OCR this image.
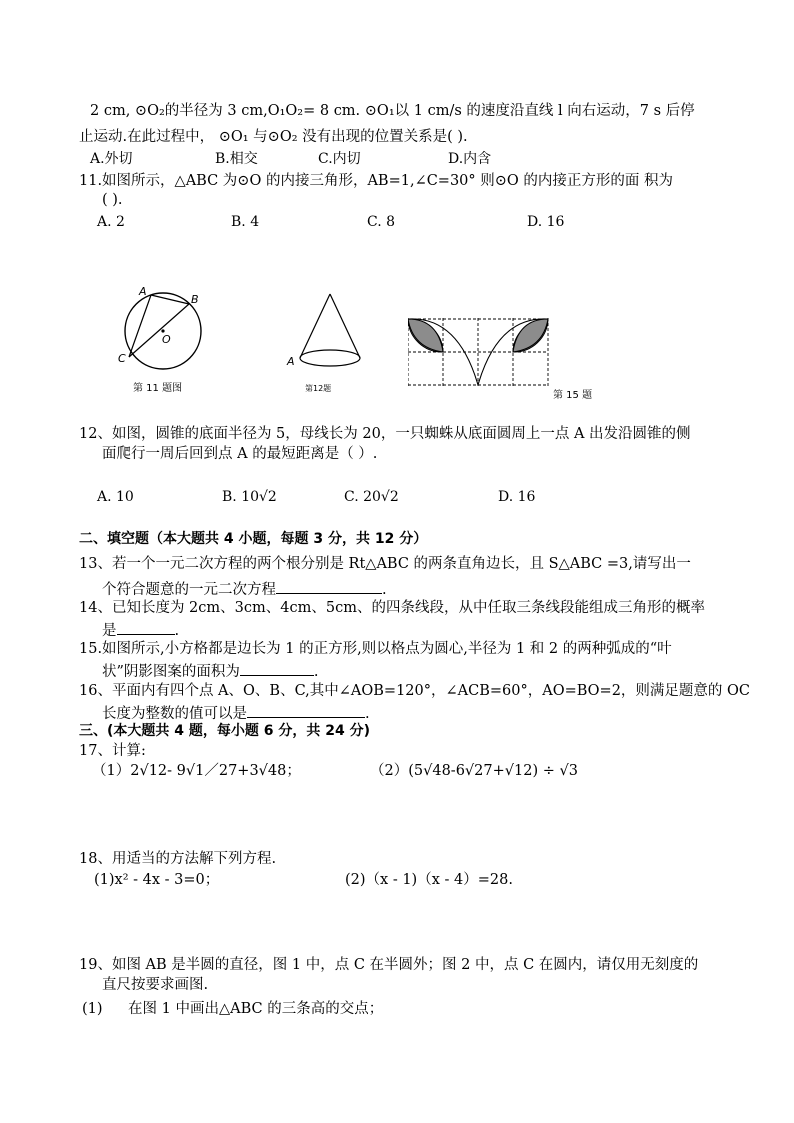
2 cm, ⊙O₂的半径为 3 cm,O₁O₂= 8 cm. ⊙O₁以 1 cm/s 的速度沿直线 l 向右运动，7 s 后停
止运动.在此过程中， ⊙O₁ 与⊙O₂ 没有出现的位置关系是( ).
A.外切	B.相交	C.内切	D.内含
11.如图所示，△ABC 为⊙O 的内接三角形，AB=1,∠C=30° 则⊙O 的内接正方形的面 积为
( ).
A. 2	B. 4	C. 8	D. 16
A
B
C
O
第 11 题图
A
第12题
第 15 题
12、如图，圆锥的底面半径为 5，母线长为 20，一只蜘蛛从底面圆周上一点 A 出发沿圆锥的侧
面爬行一周后回到点 A 的最短距离是（ ）.
A. 10	B. 10√2	C. 20√2	D. 16
二、填空题（本大题共 4 小题，每题 3 分，共 12 分）
13、若一个一元二次方程的两个根分别是 Rt△ABC 的两条直角边长，且 S△ABC =3,请写出一
个符合题意的一元二次方程	.
14、已知长度为 2cm、3cm、4cm、5cm、的四条线段，从中任取三条线段能组成三角形的概率
是	.
15.如图所示,小方格都是边长为 1 的正方形,则以格点为圆心,半径为 1 和 2 的两种弧成的“叶
状”阴影图案的面积为	.
16、平面内有四个点 A、O、B、C,其中∠AOB=120°，∠ACB=60°，AO=BO=2，则满足题意的 OC
长度为整数的值可以是	.
三、(本大题共 4 题，每小题 6 分，共 24 分)
17、计算:
（1）2√12- 9√1／27+3√48；	（2）(5√48-6√27+√12) ÷ √3
18、用适当的方法解下列方程.
(1)x² - 4x - 3=0；	(2)（x - 1)（x - 4）=28.
19、如图 AB 是半圆的直径，图 1 中，点 C 在半圆外；图 2 中，点 C 在圆内，请仅用无刻度的
直尺按要求画图.
(1) 在图 1 中画出△ABC 的三条高的交点；
